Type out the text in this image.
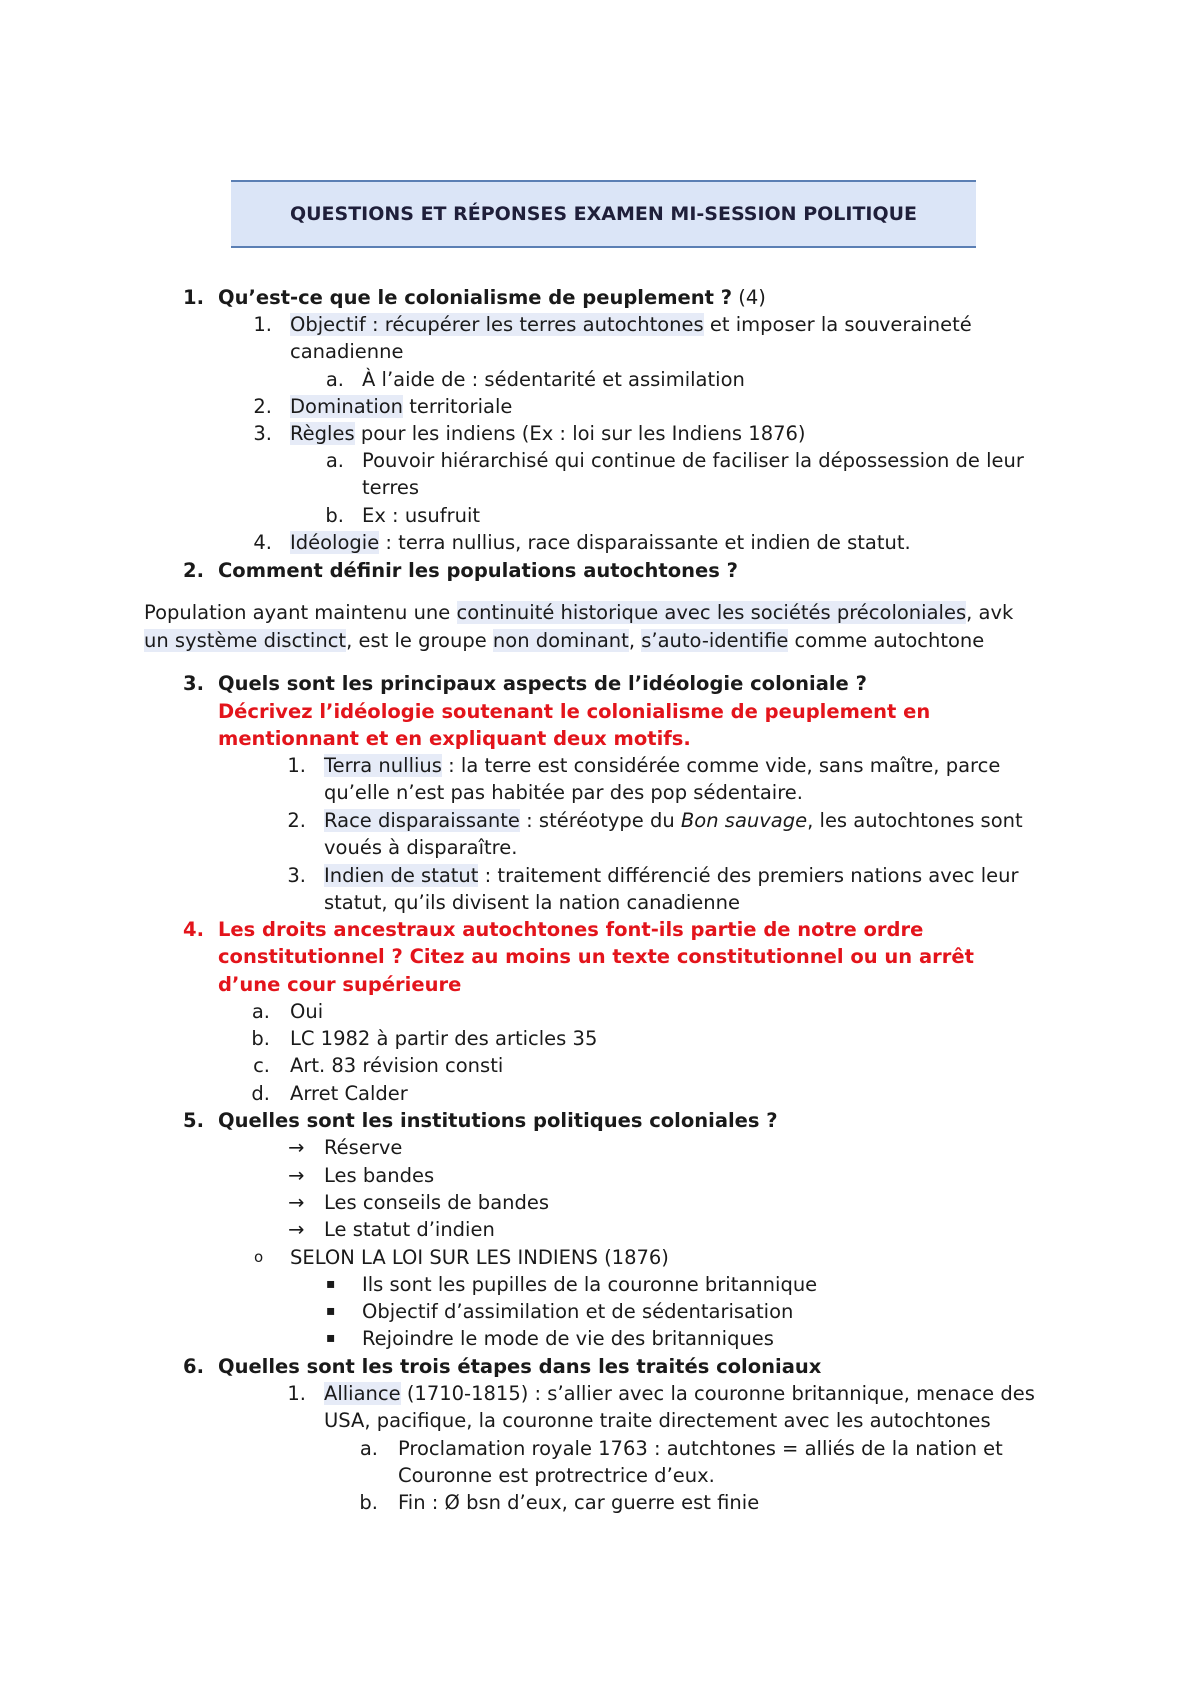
QUESTIONS ET RÉPONSES EXAMEN MI-SESSION POLITIQUE
1. Qu’est-ce que le colonialisme de peuplement ? (4)
1. Objectif : récupérer les terres autochtones et imposer la souveraineté
canadienne
a. À l’aide de : sédentarité et assimilation
2. Domination territoriale
3. Règles pour les indiens (Ex : loi sur les Indiens 1876)
a. Pouvoir hiérarchisé qui continue de faciliser la dépossession de leur
terres
b. Ex : usufruit
4. Idéologie : terra nullius, race disparaissante et indien de statut.
2. Comment définir les populations autochtones ?
Population ayant maintenu une continuité historique avec les sociétés précoloniales, avk
un système disctinct, est le groupe non dominant, s’auto-identifie comme autochtone
3. Quels sont les principaux aspects de l’idéologie coloniale ?
Décrivez l’idéologie soutenant le colonialisme de peuplement en
mentionnant et en expliquant deux motifs.
1. Terra nullius : la terre est considérée comme vide, sans maître, parce
qu’elle n’est pas habitée par des pop sédentaire.
2. Race disparaissante : stéréotype du Bon sauvage, les autochtones sont
voués à disparaître.
3. Indien de statut : traitement différencié des premiers nations avec leur
statut, qu’ils divisent la nation canadienne
4. Les droits ancestraux autochtones font-ils partie de notre ordre
constitutionnel ? Citez au moins un texte constitutionnel ou un arrêt
d’une cour supérieure
a. Oui
b. LC 1982 à partir des articles 35
c. Art. 83 révision consti
d. Arret Calder
5. Quelles sont les institutions politiques coloniales ?
→ Réserve
→ Les bandes
→ Les conseils de bandes
→ Le statut d’indien
o SELON LA LOI SUR LES INDIENS (1876)
▪ Ils sont les pupilles de la couronne britannique
▪ Objectif d’assimilation et de sédentarisation
▪ Rejoindre le mode de vie des britanniques
6. Quelles sont les trois étapes dans les traités coloniaux
1. Alliance (1710-1815) : s’allier avec la couronne britannique, menace des
USA, pacifique, la couronne traite directement avec les autochtones
a. Proclamation royale 1763 : autchtones = alliés de la nation et
Couronne est protrectrice d’eux.
b. Fin : Ø bsn d’eux, car guerre est finie
